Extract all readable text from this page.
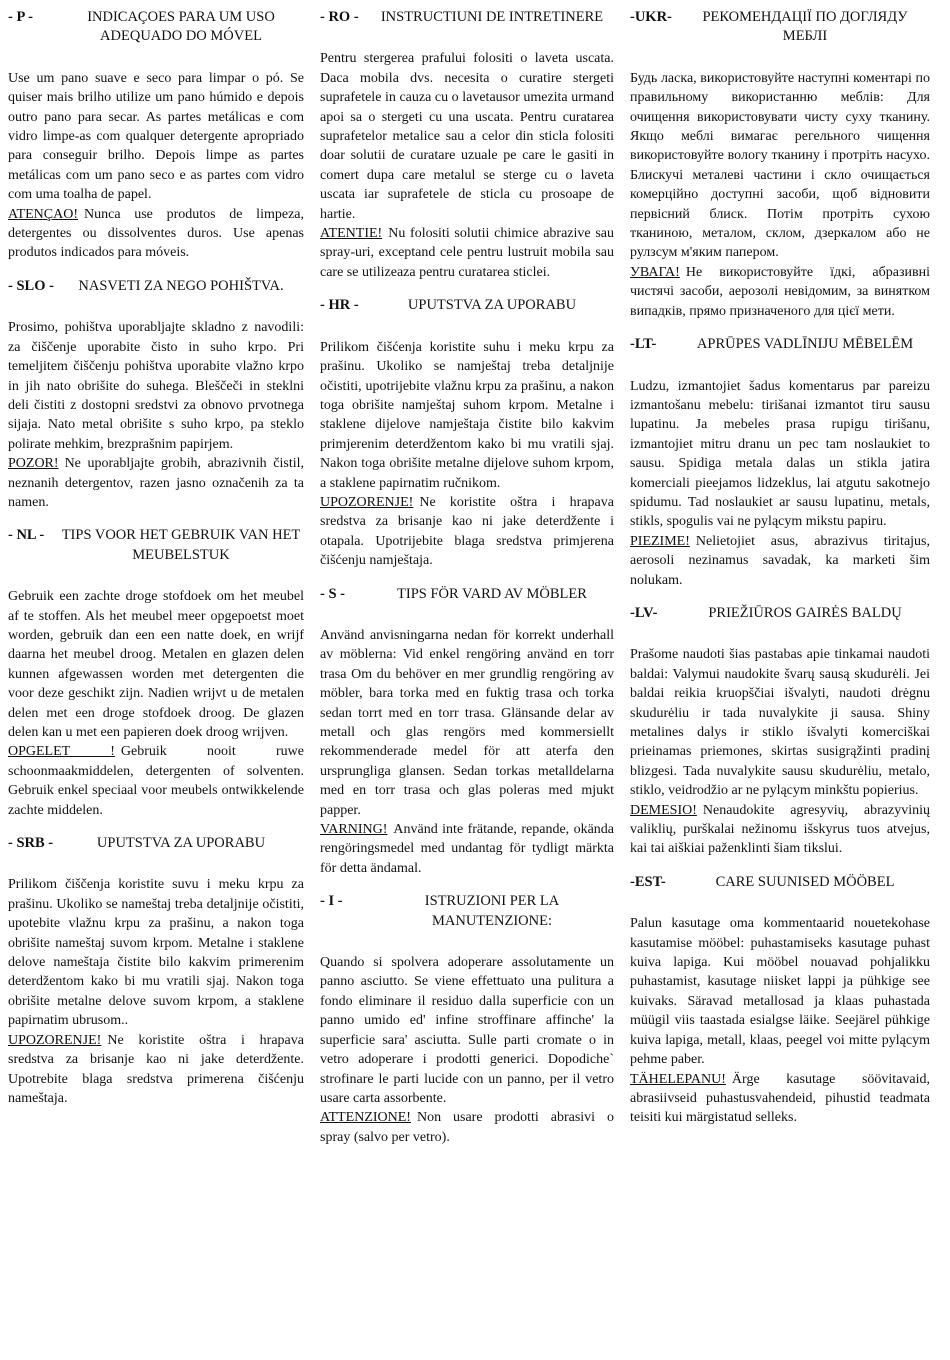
- P -	INDICAÇOES PARA UM USO ADEQUADO DO MÓVEL

Use um pano suave e seco para limpar o pó. Se quiser mais brilho utilize um pano húmido e depois outro pano para secar. As partes metálicas e com vidro limpe-as com qualquer detergente apropriado para conseguir brilho. Depois limpe as partes metálicas com um pano seco e as partes com vidro com uma toalha de papel.

ATENÇAO! Nunca use produtos de limpeza, detergentes ou dissolventes duros. Use apenas produtos indicados para móveis.

- SLO -	NASVETI ZA NEGO POHIŠTVA.

Prosimo, pohištva uporabljajte skladno z navodili: za čiščenje uporabite čisto in suho krpo. Pri temeljitem čiščenju pohištva uporabite vlažno krpo in jih nato obrišite do suhega. Bleščeči in steklni deli čistiti z dostopni sredstvi za obnovo prvotnega sijaja. Nato metal obrišite s suho krpo, pa steklo polirate mehkim, brezprašnim papirjem.

POZOR! Ne uporabljajte grobih, abrazivnih čistil, neznanih detergentov, razen jasno označenih za ta namen.

- NL -	TIPS VOOR HET GEBRUIK VAN HET MEUBELSTUK

Gebruik een zachte droge stofdoek om het meubel af te stoffen. Als het meubel meer opgepoetst moet worden, gebruik dan een een natte doek, en wrijf daarna het meubel droog. Metalen en glazen delen kunnen afgewassen worden met detergenten die voor deze geschikt zijn. Nadien wrijvt u de metalen delen met een droge stofdoek droog. De glazen delen kan u met een papieren doek droog wrijven.

OPGELET ! Gebruik nooit ruwe schoonmaakmiddelen, detergenten of solventen. Gebruik enkel speciaal voor meubels ontwikkelende zachte middelen.

- SRB -	UPUTSTVA ZA UPORABU

Prilikom čiščenja koristite suvu i meku krpu za prašinu. Ukoliko se nameštaj treba detaljnije očistiti, upotebite vlažnu krpu za prašinu, a nakon toga obrišite nameštaj suvom krpom. Metalne i staklene delove nameštaja čistite bilo kakvim primerenim deterdžentom kako bi mu vratili sjaj. Nakon toga obrišite metalne delove suvom krpom, a staklene papirnatim ubrusom..

UPOZORENJE! Ne koristite oštra i hrapava sredstva za brisanje kao ni jake deterdžente. Upotrebite blaga sredstva primerena čišćenju nameštaja.

- RO -	INSTRUCTIUNI DE INTRETINERE

Pentru stergerea prafului folositi o laveta uscata. Daca mobila dvs. necesita o curatire stergeti suprafetele in cauza cu o lavetausor umezita urmand apoi sa o stergeti cu una uscata. Pentru curatarea suprafetelor metalice sau a celor din sticla folositi doar solutii de curatare uzuale pe care le gasiti in comert dupa care metalul se sterge cu o laveta uscata iar suprafetele de sticla cu prosoape de hartie.

ATENTIE! Nu folositi solutii chimice abrazive sau spray-uri, exceptand cele pentru lustruit mobila sau care se utilizeaza pentru curatarea sticlei.

- HR -	UPUTSTVA ZA UPORABU

Prilikom čišćenja koristite suhu i meku krpu za prašinu. Ukoliko se namještaj treba detaljnije očistiti, upotrijebite vlažnu krpu za prašinu, a nakon toga obrišite namještaj suhom krpom. Metalne i staklene dijelove namještaja čistite bilo kakvim primjerenim deterdžentom kako bi mu vratili sjaj. Nakon toga obrišite metalne dijelove suhom krpom, a staklene papirnatim ručnikom.

UPOZORENJE! Ne koristite oštra i hrapava sredstva za brisanje kao ni jake deterdžente i otapala. Upotrijebite blaga sredstva primjerena čišćenju namještaja.

- S -	TIPS FÖR VARD AV MÖBLER

Använd anvisningarna nedan för korrekt underhall av möblerna: Vid enkel rengöring använd en torr trasa Om du behöver en mer grundlig rengöring av möbler, bara torka med en fuktig trasa och torka sedan torrt med en torr trasa. Glänsande delar av metall och glas rengörs med kommersiellt rekommenderade medel för att aterfa den ursprungliga glansen. Sedan torkas metalldelarna med en torr trasa och glas poleras med mjukt papper.

VARNING! Använd inte frätande, repande, okända rengöringsmedel med undantag för tydligt märkta för detta ändamal.

- I -	ISTRUZIONI PER LA MANUTENZIONE:

Quando si spolvera adoperare assolutamente un panno asciutto. Se viene effettuato una pulitura a fondo eliminare il residuo dalla superficie con un panno umido ed' infine stroffinare affinche' la superficie sara' asciutta. Sulle parti cromate o in vetro adoperare i prodotti generici. Dopodiche` strofinare le parti lucide con un panno, per il vetro usare carta assorbente.

ATTENZIONE! Non usare prodotti abrasivi o spray (salvo per vetro).

-UKR-	РЕКОМЕНДАЦІЇ ПО ДОГЛЯДУ МЕБЛІ

Будь ласка, використовуйте наступні коментарі по правильному використанню меблів: Для очищення використовувати чисту суху тканину. Якщо меблі вимагає регельного чищення використовуйте вологу тканину і протріть насухо. Блискучі металеві частини і скло очищається комерційно доступні засоби, щоб відновити первісний блиск. Потім протріть сухою тканиною, металом, склом, дзеркалом або не рулзсум м'яким папером.

УВАГА! Не використовуйте їдкі, абразивні чистячі засоби, аерозолі невідомим, за винятком випадків, прямо призначеного для цієї мети.

-LT-	APRŪPES VADLĪNIJU MĒBELĒM

Ludzu, izmantojiet šadus komentarus par pareizu izmantošanu mebelu: tirišanai izmantot tiru sausu lupatinu. Ja mebeles prasa rupigu tirišanu, izmantojiet mitru dranu un pec tam noslaukiet to sausu. Spidiga metala dalas un stikla jatira komerciali pieejamos lidzeklus, lai atgutu sakotnejo spidumu. Tad noslaukiet ar sausu lupatinu, metals, stikls, spogulis vai ne pylącym mikstu papiru.

PIEZIME! Nelietojiet asus, abrazivus tiritajus, aerosoli nezinamus savadak, ka marketi šim nolukam.

-LV-	PRIEŽIŪROS GAIRĖS BALDŲ

Prašome naudoti šias pastabas apie tinkamai naudoti baldai: Valymui naudokite švarų sausą skudurėli. Jei baldai reikia kruopščiai išvalyti, naudoti drėgnu skudurėliu ir tada nuvalykite ji sausa. Shiny metalines dalys ir stiklo išvalyti komerciškai prieinamas priemones, skirtas susigrąžinti pradinį blizgesi. Tada nuvalykite sausu skudurėliu, metalo, stiklo, veidrodžio ar ne pylącym minkštu popierius.

DEMESIO! Nenaudokite agresyvių, abrazyvinių valiklių, purškalai nežinomu išskyrus tuos atvejus, kai tai aiškiai paženklinti šiam tikslui.

-EST-	CARE SUUNISED MÖÖBEL

Palun kasutage oma kommentaarid nouetekohase kasutamise mööbel: puhastamiseks kasutage puhast kuiva lapiga. Kui mööbel nouavad pohjalikku puhastamist, kasutage niisket lappi ja pühkige see kuivaks. Säravad metallosad ja klaas puhastada müügil viis taastada esialgse läike. Seejärel pühkige kuiva lapiga, metall, klaas, peegel voi mitte pylącym pehme paber.

TÄHELEPANU! Ärge kasutage söövitavaid, abrasiivseid puhastusvahendeid, pihustid teadmata teisiti kui märgistatud selleks.
